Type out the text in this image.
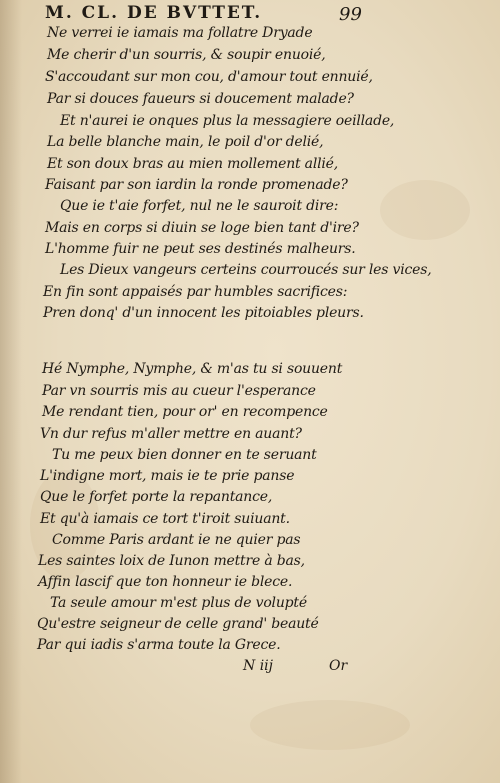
M. CL. DE BVTTET.	99
Ne verrei ie iamais ma follatre Dryade
Me cherir d'un sourris, & soupir enuoié,
S'accoudant sur mon cou, d'amour tout ennuié,
Par si douces faueurs si doucement malade?
Et n'aurei ie onques plus la messagiere oeillade,
La belle blanche main, le poil d'or delié,
Et son doux bras au mien mollement allié,
Faisant par son iardin la ronde promenade?
Que ie t'aie forfet, nul ne le sauroit dire:
Mais en corps si diuin se loge bien tant d'ire?
L'homme fuir ne peut ses destinés malheurs.
Les Dieux vangeurs certeins courroucés sur les vices,
En fin sont appaisés par humbles sacrifices:
Pren donq' d'un innocent les pitoiables pleurs.
Hé Nymphe, Nymphe, & m'as tu si souuent
Par vn sourris mis au cueur l'esperance
Me rendant tien, pour or' en recompence
Vn dur refus m'aller mettre en auant?
Tu me peux bien donner en te seruant
L'indigne mort, mais ie te prie panse
Que le forfet porte la repantance,
Et qu'à iamais ce tort t'iroit suiuant.
Comme Paris ardant ie ne quier pas
Les saintes loix de Iunon mettre à bas,
Affin lascif que ton honneur ie blece.
Ta seule amour m'est plus de volupté
Qu'estre seigneur de celle grand' beauté
Par qui iadis s'arma toute la Grece.
N iij	Or
